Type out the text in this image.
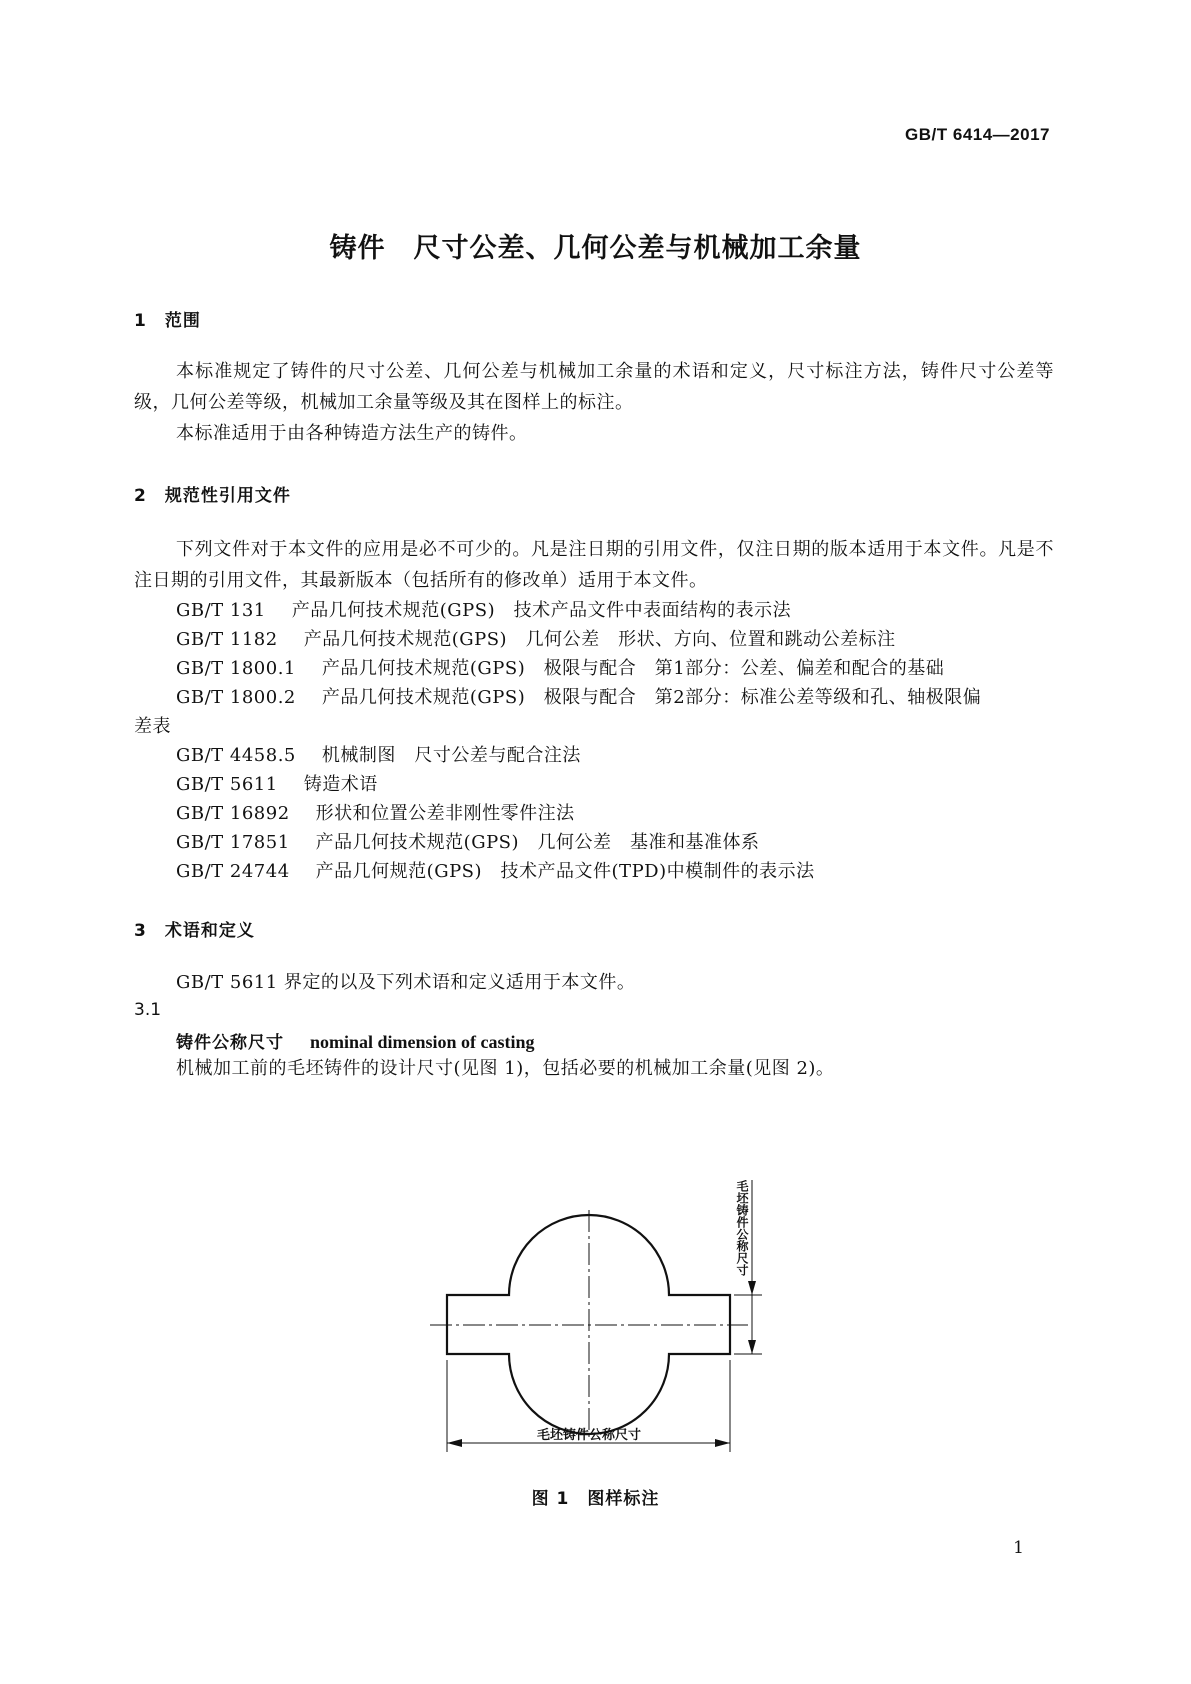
GB/T 6414—2017
铸件　尺寸公差、几何公差与机械加工余量
1　范围
本标准规定了铸件的尺寸公差、几何公差与机械加工余量的术语和定义，尺寸标注方法，铸件尺寸公差等级，几何公差等级，机械加工余量等级及其在图样上的标注。
本标准适用于由各种铸造方法生产的铸件。
2　规范性引用文件
下列文件对于本文件的应用是必不可少的。凡是注日期的引用文件，仅注日期的版本适用于本文件。凡是不注日期的引用文件，其最新版本（包括所有的修改单）适用于本文件。
GB/T 131 产品几何技术规范(GPS)　技术产品文件中表面结构的表示法
GB/T 1182 产品几何技术规范(GPS)　几何公差　形状、方向、位置和跳动公差标注
GB/T 1800.1 产品几何技术规范(GPS)　极限与配合　第1部分：公差、偏差和配合的基础
GB/T 1800.2 产品几何技术规范(GPS)　极限与配合　第2部分：标准公差等级和孔、轴极限偏
差表
GB/T 4458.5 机械制图　尺寸公差与配合注法
GB/T 5611 铸造术语
GB/T 16892 形状和位置公差非刚性零件注法
GB/T 17851 产品几何技术规范(GPS)　几何公差　基准和基准体系
GB/T 24744 产品几何规范(GPS)　技术产品文件(TPD)中模制件的表示法
3　术语和定义
GB/T 5611 界定的以及下列术语和定义适用于本文件。
3.1
铸件公称尺寸 nominal dimension of casting
机械加工前的毛坯铸件的设计尺寸(见图 1)，包括必要的机械加工余量(见图 2)。
毛坯铸件公称尺寸
毛坯铸件公称尺寸
图 1　图样标注
1
